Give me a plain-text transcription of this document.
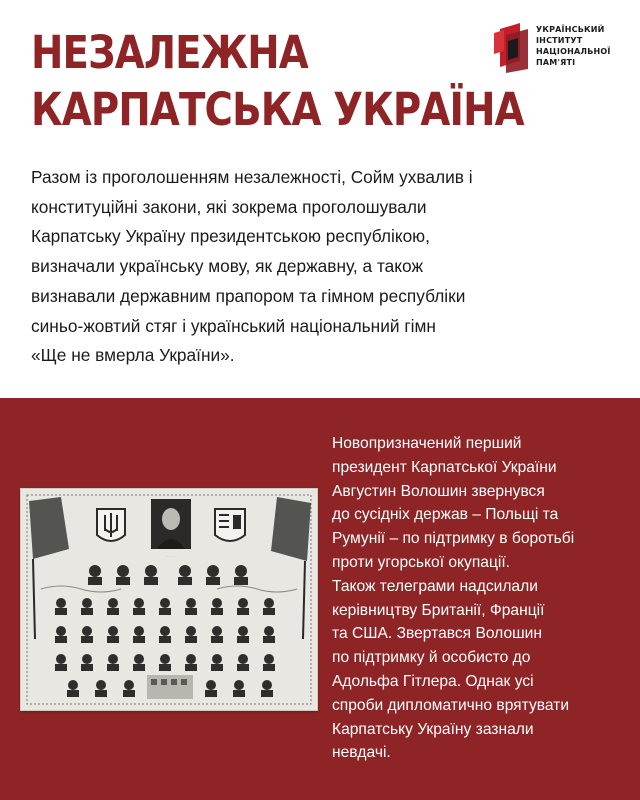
НЕЗАЛЕЖНА
КАРПАТСЬКА УКРАЇНА
УКРАЇНСЬКИЙ
ІНСТИТУТ
НАЦІОНАЛЬНОЇ
ПАМ'ЯТІ
Разом із проголошенням незалежності, Сойм ухвалив і
конституційні закони, які зокрема проголошували
Карпатську Україну президентською республікою,
визначали українську мову, як державну, а також
визнавали державним прапором та гімном республіки
синьо-жовтий стяг і український національний гімн
«Ще не вмерла України».
. . . . . . .
Новопризначений перший
президент Карпатської України
Августин Волошин звернувся
до сусідніх держав – Польщі та
Румунії – по підтримку в боротьбі
проти угорської окупації.
Також телеграми надсилали
керівництву Британії, Франції
та США. Звертався Волошин
по підтримку й особисто до
Адольфа Гітлера. Однак усі
спроби дипломатично врятувати
Карпатську Україну зазнали
невдачі.
